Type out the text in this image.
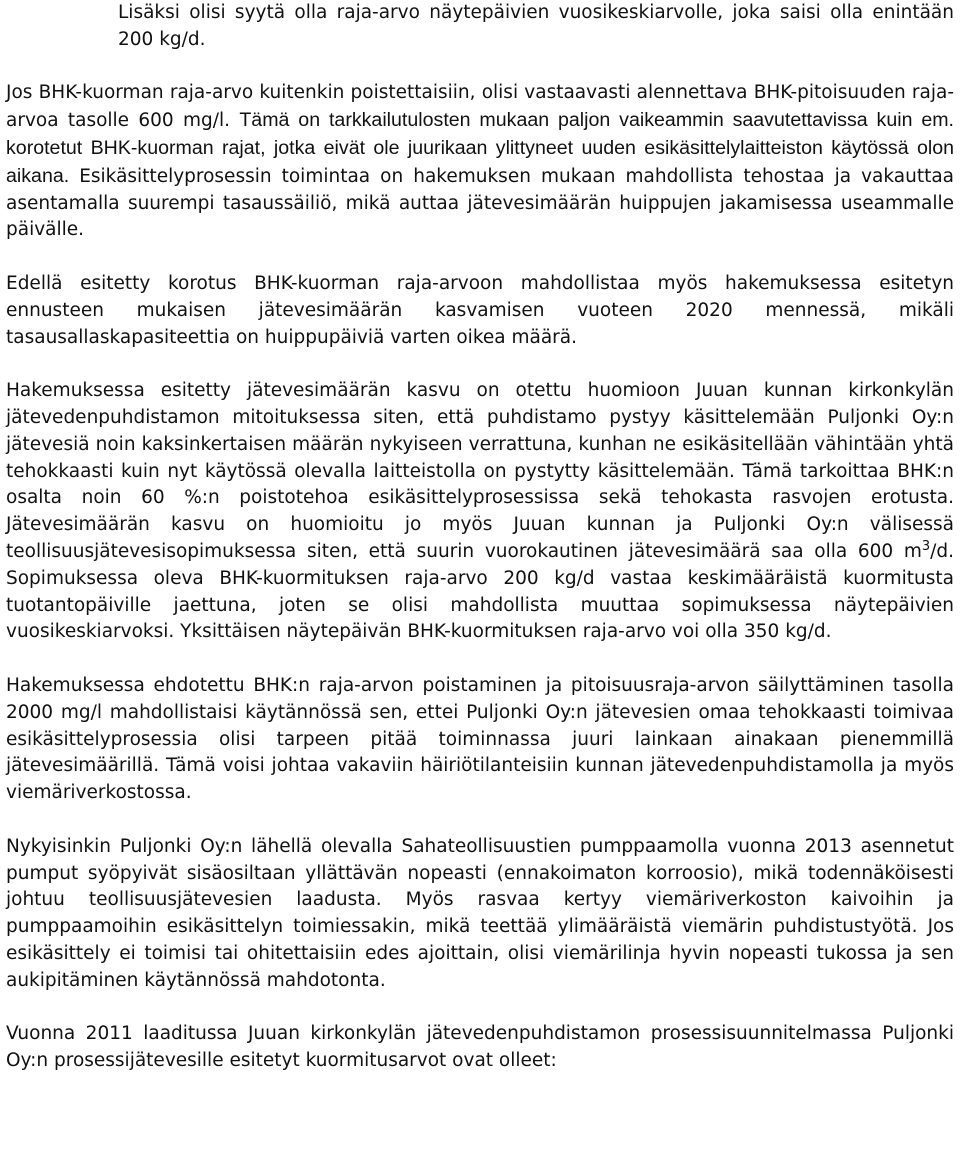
Lisäksi olisi syytä olla raja-arvo näytepäivien vuosikeskiarvolle, joka saisi olla enintään 200 kg/d.

Jos BHK-kuorman raja-arvo kuitenkin poistettaisiin, olisi vastaavasti alennettava BHK-pitoisuuden raja-arvoa tasolle 600 mg/l. Tämä on tarkkailutulosten mukaan paljon vaikeammin saavutettavissa kuin em. korotetut BHK-kuorman rajat, jotka eivät ole juurikaan ylittyneet uuden esikäsittelylaitteiston käytössä olon aikana. Esikäsittelyprosessin toimintaa on hakemuksen mukaan mahdollista tehostaa ja vakauttaa asentamalla suurempi tasaussäiliö, mikä auttaa jätevesimäärän huippujen jakamisessa useammalle päivälle.

Edellä esitetty korotus BHK-kuorman raja-arvoon mahdollistaa myös hakemuksessa esitetyn ennusteen mukaisen jätevesimäärän kasvamisen vuoteen 2020 mennessä, mikäli tasausallaskapasiteettia on huippupäiviä varten oikea määrä.

Hakemuksessa esitetty jätevesimäärän kasvu on otettu huomioon Juuan kunnan kirkonkylän jätevedenpuhdistamon mitoituksessa siten, että puhdistamo pystyy käsittelemään Puljonki Oy:n jätevesiä noin kaksinkertaisen määrän nykyiseen verrattuna, kunhan ne esikäsitellään vähintään yhtä tehokkaasti kuin nyt käytössä olevalla laitteistolla on pystytty käsittelemään. Tämä tarkoittaa BHK:n osalta noin 60 %:n poistotehoa esikäsittelyprosessissa sekä tehokasta rasvojen erotusta. Jätevesimäärän kasvu on huomioitu jo myös Juuan kunnan ja Puljonki Oy:n välisessä teollisuusjätevesisopimuksessa siten, että suurin vuorokautinen jätevesimäärä saa olla 600 $m^3/d$. Sopimuksessa oleva BHK-kuormituksen raja-arvo 200 kg/d vastaa keskimääräistä kuormitusta tuotantopäiville jaettuna, joten se olisi mahdollista muuttaa sopimuksessa näytepäivien vuosikeskiarvoksi. Yksittäisen näytepäivän BHK-kuormituksen raja-arvo voi olla 350 kg/d.

Hakemuksessa ehdotettu BHK:n raja-arvon poistaminen ja pitoisuusraja-arvon säilyttäminen tasolla 2000 mg/l mahdollistaisi käytännössä sen, ettei Puljonki Oy:n jätevesien omaa tehokkaasti toimivaa esikäsittelyprosessia olisi tarpeen pitää toiminnassa juuri lainkaan ainakaan pienemmillä jätevesimäärillä. Tämä voisi johtaa vakaviin häiriötilanteisiin kunnan jätevedenpuhdistamolla ja myös viemäriverkostossa.

Nykyisinkin Puljonki Oy:n lähellä olevalla Sahateollisuustien pumppaamolla vuonna 2013 asennetut pumput syöpyivät sisäosiltaan yllättävän nopeasti (ennakoimaton korroosio), mikä todennäköisesti johtuu teollisuusjätevesien laadusta. Myös rasvaa kertyy viemäriverkoston kaivoihin ja pumppaamoihin esikäsittelyn toimiessakin, mikä teettää ylimääräistä viemärin puhdistustyötä. Jos esikäsittely ei toimisi tai ohitettaisiin edes ajoittain, olisi viemärilinja hyvin nopeasti tukossa ja sen aukipitäminen käytännössä mahdotonta.

Vuonna 2011 laaditussa Juuan kirkonkylän jätevedenpuhdistamon prosessisuunnitelmassa Puljonki Oy:n prosessijätevesille esitetyt kuormitusarvot ovat olleet:
